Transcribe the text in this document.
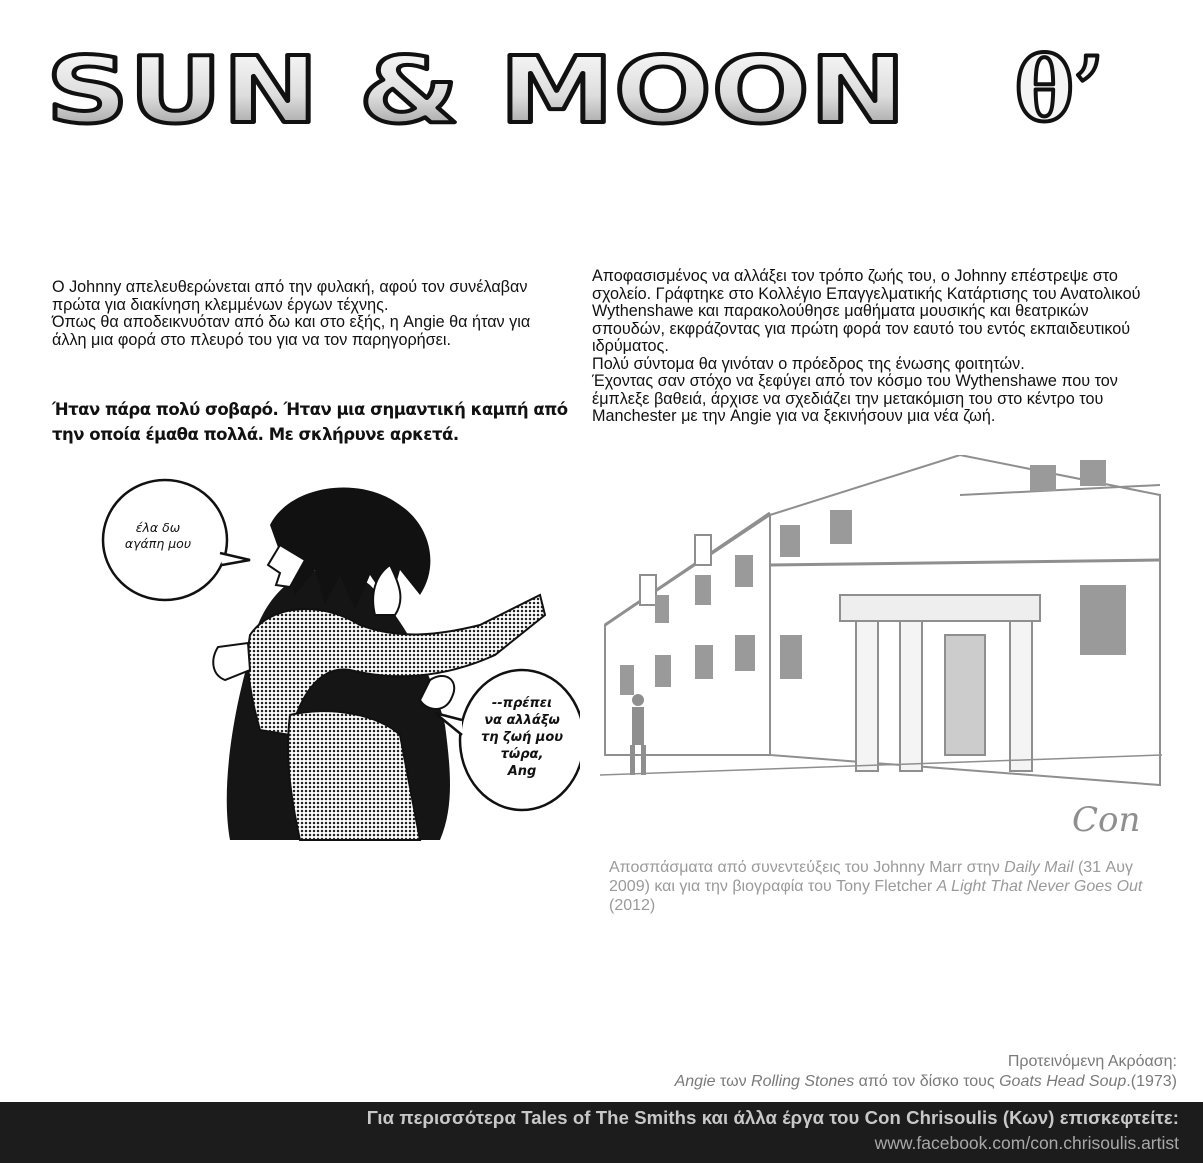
SUN & MOON θ’

Ο Johnny απελευθερώνεται από την φυλακή, αφού τον συνέλαβαν πρώτα για διακίνηση κλεμμένων έργων τέχνης.

Όπως θα αποδεικνυόταν από δω και στο εξής, η Angie θα ήταν για άλλη μια φορά στο πλευρό του για να τον παρηγορήσει.

Ήταν πάρα πολύ σοβαρό. Ήταν μια σημαντική καμπή από
την οποία έμαθα πολλά. Με σκλήρυνε αρκετά.

Αποφασισμένος να αλλάξει τον τρόπο ζωής του, ο Johnny επέστρεψε στο σχολείο. Γράφτηκε στο Κολλέγιο Επαγγελματικής Κατάρτισης του Ανατολικού Wythenshawe και παρακολούθησε μαθήματα μουσικής και θεατρικών σπουδών, εκφράζοντας για πρώτη φορά τον εαυτό του εντός εκπαιδευτικού ιδρύματος.

Πολύ σύντομα θα γινόταν ο πρόεδρος της ένωσης φοιτητών.

Έχοντας σαν στόχο να ξεφύγει από τον κόσμο του Wythenshawe που τον έμπλεξε βαθειά, άρχισε να σχεδιάζει την μετακόμιση του στο κέντρο του Manchester με την Angie για να ξεκινήσουν μια νέα ζωή.

έλα δω
αγάπη μου
--πρέπει
να αλλάξω
τη ζωή μου
τώρα,
Ang
Con

Αποσπάσματα από συνεντεύξεις του Johnny Marr στην Daily Mail (31 Αυγ 2009) και για την βιογραφία του Tony Fletcher A Light That Never Goes Out (2012)

Προτεινόμενη Ακρόαση:
Angie των Rolling Stones από τον δίσκο τους Goats Head Soup.(1973)
Για περισσότερα Tales of The Smiths και άλλα έργα του Con Chrisoulis (Κων) επισκεφτείτε:
www.facebook.com/con.chrisoulis.artist
